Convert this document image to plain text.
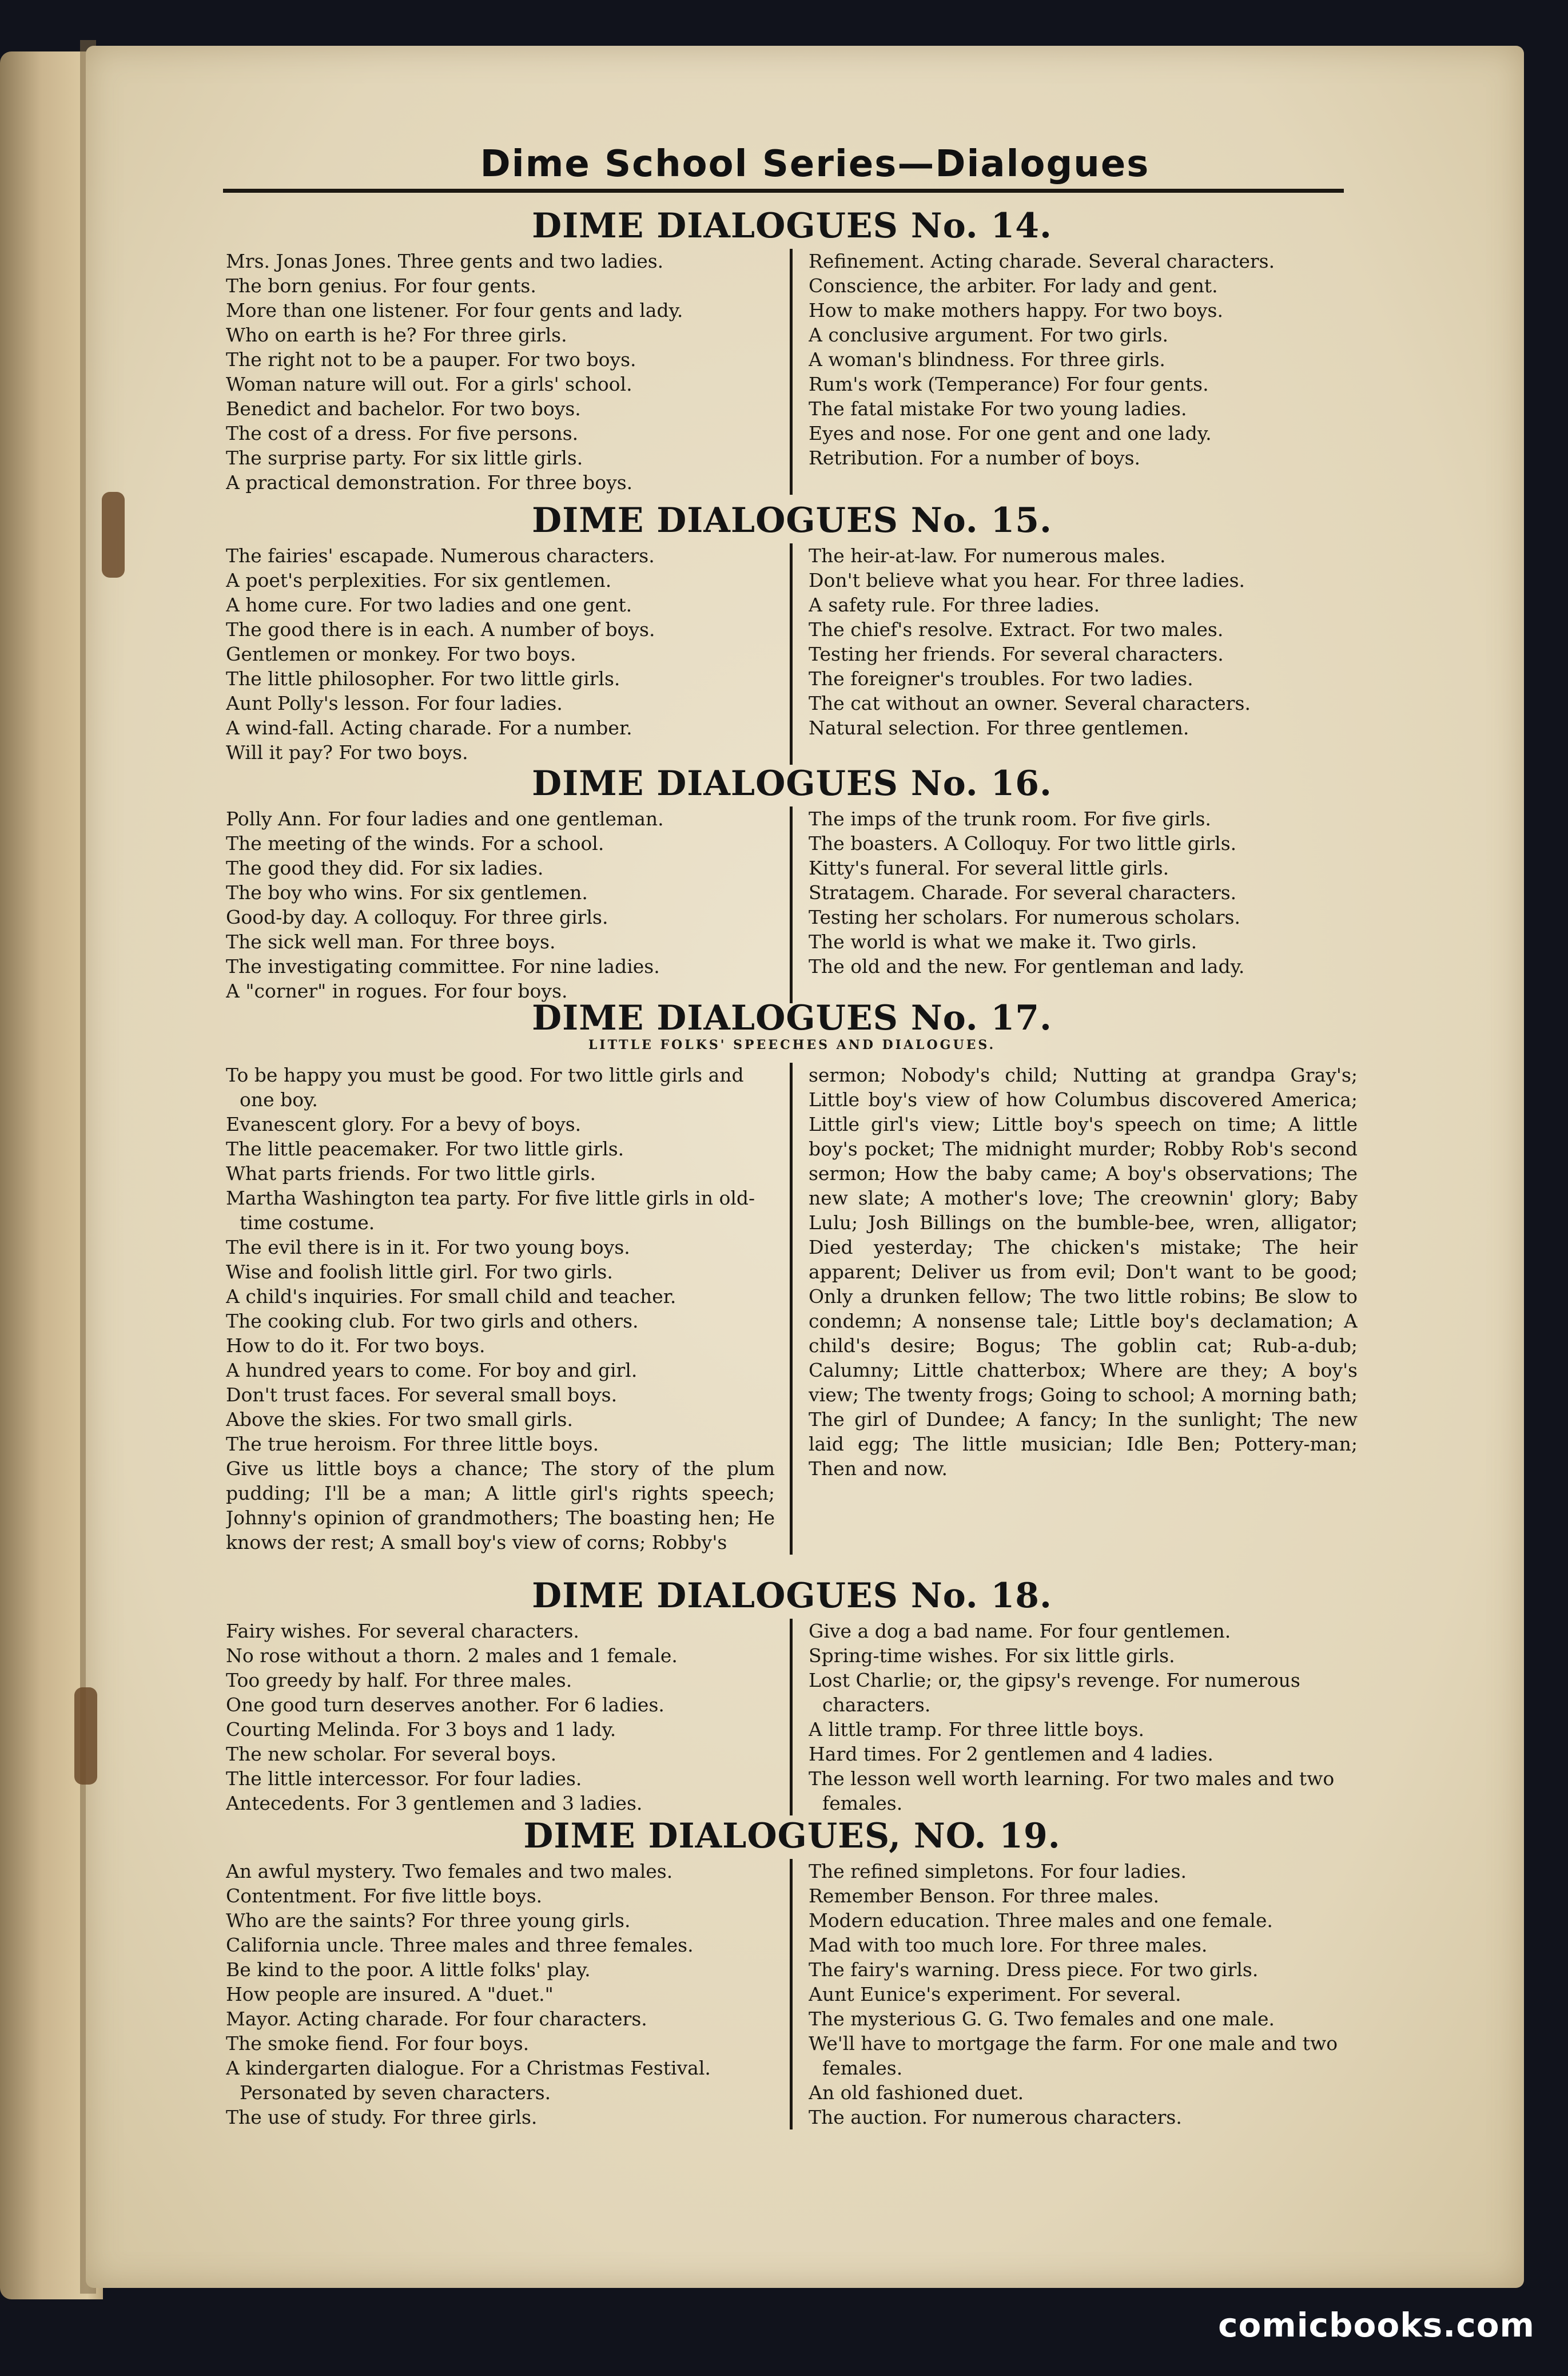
Dime School Series—Dialogues
DIME DIALOGUES No. 14.
Mrs. Jonas Jones. Three gents and two ladies.
The born genius. For four gents.
More than one listener. For four gents and lady.
Who on earth is he? For three girls.
The right not to be a pauper. For two boys.
Woman nature will out. For a girls' school.
Benedict and bachelor. For two boys.
The cost of a dress. For five persons.
The surprise party. For six little girls.
A practical demonstration. For three boys.
Refinement. Acting charade. Several characters.
Conscience, the arbiter. For lady and gent.
How to make mothers happy. For two boys.
A conclusive argument. For two girls.
A woman's blindness. For three girls.
Rum's work (Temperance) For four gents.
The fatal mistake For two young ladies.
Eyes and nose. For one gent and one lady.
Retribution. For a number of boys.
DIME DIALOGUES No. 15.
The fairies' escapade. Numerous characters.
A poet's perplexities. For six gentlemen.
A home cure. For two ladies and one gent.
The good there is in each. A number of boys.
Gentlemen or monkey. For two boys.
The little philosopher. For two little girls.
Aunt Polly's lesson. For four ladies.
A wind-fall. Acting charade. For a number.
Will it pay? For two boys.
The heir-at-law. For numerous males.
Don't believe what you hear. For three ladies.
A safety rule. For three ladies.
The chief's resolve. Extract. For two males.
Testing her friends. For several characters.
The foreigner's troubles. For two ladies.
The cat without an owner. Several characters.
Natural selection. For three gentlemen.
DIME DIALOGUES No. 16.
Polly Ann. For four ladies and one gentleman.
The meeting of the winds. For a school.
The good they did. For six ladies.
The boy who wins. For six gentlemen.
Good-by day. A colloquy. For three girls.
The sick well man. For three boys.
The investigating committee. For nine ladies.
A "corner" in rogues. For four boys.
The imps of the trunk room. For five girls.
The boasters. A Colloquy. For two little girls.
Kitty's funeral. For several little girls.
Stratagem. Charade. For several characters.
Testing her scholars. For numerous scholars.
The world is what we make it. Two girls.
The old and the new. For gentleman and lady.
DIME DIALOGUES No. 17.
LITTLE FOLKS' SPEECHES AND DIALOGUES.
To be happy you must be good. For two little girls and one boy.
Evanescent glory. For a bevy of boys.
The little peacemaker. For two little girls.
What parts friends. For two little girls.
Martha Washington tea party. For five little girls in old-time costume.
The evil there is in it. For two young boys.
Wise and foolish little girl. For two girls.
A child's inquiries. For small child and teacher.
The cooking club. For two girls and others.
How to do it. For two boys.
A hundred years to come. For boy and girl.
Don't trust faces. For several small boys.
Above the skies. For two small girls.
The true heroism. For three little boys.
Give us little boys a chance; The story of the plum pudding; I'll be a man; A little girl's rights speech; Johnny's opinion of grandmothers; The boasting hen; He knows der rest; A small boy's view of corns; Robby's
sermon; Nobody's child; Nutting at grandpa Gray's; Little boy's view of how Columbus discovered America; Little girl's view; Little boy's speech on time; A little boy's pocket; The midnight murder; Robby Rob's second sermon; How the baby came; A boy's observations; The new slate; A mother's love; The creownin' glory; Baby Lulu; Josh Billings on the bumble-bee, wren, alligator; Died yesterday; The chicken's mistake; The heir apparent; Deliver us from evil; Don't want to be good; Only a drunken fellow; The two little robins; Be slow to condemn; A nonsense tale; Little boy's declamation; A child's desire; Bogus; The goblin cat; Rub-a-dub; Calumny; Little chatterbox; Where are they; A boy's view; The twenty frogs; Going to school; A morning bath; The girl of Dundee; A fancy; In the sunlight; The new laid egg; The little musician; Idle Ben; Pottery-man; Then and now.
DIME DIALOGUES No. 18.
Fairy wishes. For several characters.
No rose without a thorn. 2 males and 1 female.
Too greedy by half. For three males.
One good turn deserves another. For 6 ladies.
Courting Melinda. For 3 boys and 1 lady.
The new scholar. For several boys.
The little intercessor. For four ladies.
Antecedents. For 3 gentlemen and 3 ladies.
Give a dog a bad name. For four gentlemen.
Spring-time wishes. For six little girls.
Lost Charlie; or, the gipsy's revenge. For numerous characters.
A little tramp. For three little boys.
Hard times. For 2 gentlemen and 4 ladies.
The lesson well worth learning. For two males and two females.
DIME DIALOGUES, NO. 19.
An awful mystery. Two females and two males.
Contentment. For five little boys.
Who are the saints? For three young girls.
California uncle. Three males and three females.
Be kind to the poor. A little folks' play.
How people are insured. A "duet."
Mayor. Acting charade. For four characters.
The smoke fiend. For four boys.
A kindergarten dialogue. For a Christmas Festival. Personated by seven characters.
The use of study. For three girls.
The refined simpletons. For four ladies.
Remember Benson. For three males.
Modern education. Three males and one female.
Mad with too much lore. For three males.
The fairy's warning. Dress piece. For two girls.
Aunt Eunice's experiment. For several.
The mysterious G. G. Two females and one male.
We'll have to mortgage the farm. For one male and two females.
An old fashioned duet.
The auction. For numerous characters.
comicbooks.com
